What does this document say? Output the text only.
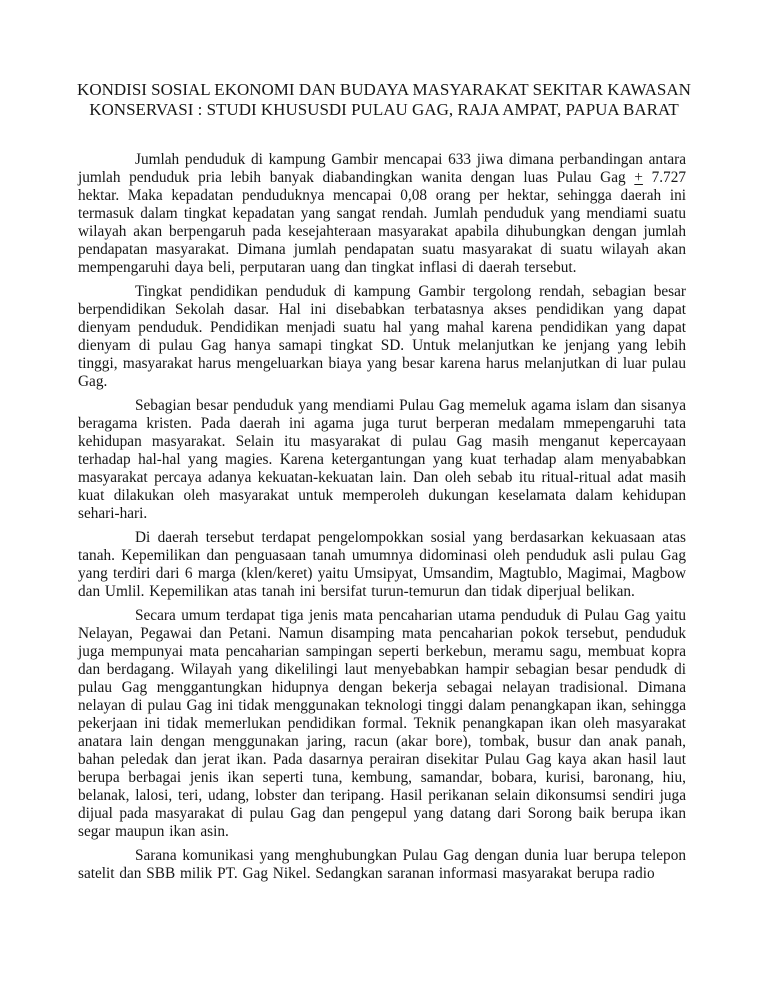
KONDISI SOSIAL EKONOMI DAN BUDAYA MASYARAKAT SEKITAR KAWASAN
KONSERVASI : STUDI KHUSUSDI PULAU GAG, RAJA AMPAT, PAPUA BARAT

Jumlah penduduk di kampung Gambir mencapai 633 jiwa dimana perbandingan antara jumlah penduduk pria lebih banyak diabandingkan wanita dengan luas Pulau Gag + 7.727 hektar. Maka kepadatan penduduknya mencapai 0,08 orang per hektar, sehingga daerah ini termasuk dalam tingkat kepadatan yang sangat rendah. Jumlah penduduk yang mendiami suatu wilayah akan berpengaruh pada kesejahteraan masyarakat apabila dihubungkan dengan jumlah pendapatan masyarakat. Dimana jumlah pendapatan suatu masyarakat di suatu wilayah akan mempengaruhi daya beli, perputaran uang dan tingkat inflasi di daerah tersebut.

Tingkat pendidikan penduduk di kampung Gambir tergolong rendah, sebagian besar berpendidikan Sekolah dasar. Hal ini disebabkan terbatasnya akses pendidikan yang dapat dienyam penduduk. Pendidikan menjadi suatu hal yang mahal karena pendidikan yang dapat dienyam di pulau Gag hanya samapi tingkat SD. Untuk melanjutkan ke jenjang yang lebih tinggi, masyarakat harus mengeluarkan biaya yang besar karena harus melanjutkan di luar pulau Gag.

Sebagian besar penduduk yang mendiami Pulau Gag memeluk agama islam dan sisanya beragama kristen. Pada daerah ini agama juga turut berperan medalam mmepengaruhi tata kehidupan masyarakat. Selain itu masyarakat di pulau Gag masih menganut kepercayaan terhadap hal-hal yang magies. Karena ketergantungan yang kuat terhadap alam menyababkan masyarakat percaya adanya kekuatan-kekuatan lain. Dan oleh sebab itu ritual-ritual adat masih kuat dilakukan oleh masyarakat untuk memperoleh dukungan keselamata dalam kehidupan sehari-hari.

Di daerah tersebut terdapat pengelompokkan sosial yang berdasarkan kekuasaan atas tanah. Kepemilikan dan penguasaan tanah umumnya didominasi oleh penduduk asli pulau Gag yang terdiri dari 6 marga (klen/keret) yaitu Umsipyat, Umsandim, Magtublo, Magimai, Magbow dan Umlil. Kepemilikan atas tanah ini bersifat turun-temurun dan tidak diperjual belikan.

Secara umum terdapat tiga jenis mata pencaharian utama penduduk di Pulau Gag yaitu Nelayan, Pegawai dan Petani. Namun disamping mata pencaharian pokok tersebut, penduduk juga mempunyai mata pencaharian sampingan seperti berkebun, meramu sagu, membuat kopra dan berdagang. Wilayah yang dikelilingi laut menyebabkan hampir sebagian besar pendudk di pulau Gag menggantungkan hidupnya dengan bekerja sebagai nelayan tradisional. Dimana nelayan di pulau Gag ini tidak menggunakan teknologi tinggi dalam penangkapan ikan, sehingga pekerjaan ini tidak memerlukan pendidikan formal. Teknik penangkapan ikan oleh masyarakat anatara lain dengan menggunakan jaring, racun (akar bore), tombak, busur dan anak panah, bahan peledak dan jerat ikan. Pada dasarnya perairan disekitar Pulau Gag kaya akan hasil laut berupa berbagai jenis ikan seperti tuna, kembung, samandar, bobara, kurisi, baronang, hiu, belanak, lalosi, teri, udang, lobster dan teripang. Hasil perikanan selain dikonsumsi sendiri juga dijual pada masyarakat di pulau Gag dan pengepul yang datang dari Sorong baik berupa ikan segar maupun ikan asin.

Sarana komunikasi yang menghubungkan Pulau Gag dengan dunia luar berupa telepon satelit dan SBB milik PT. Gag Nikel. Sedangkan saranan informasi masyarakat berupa radio
